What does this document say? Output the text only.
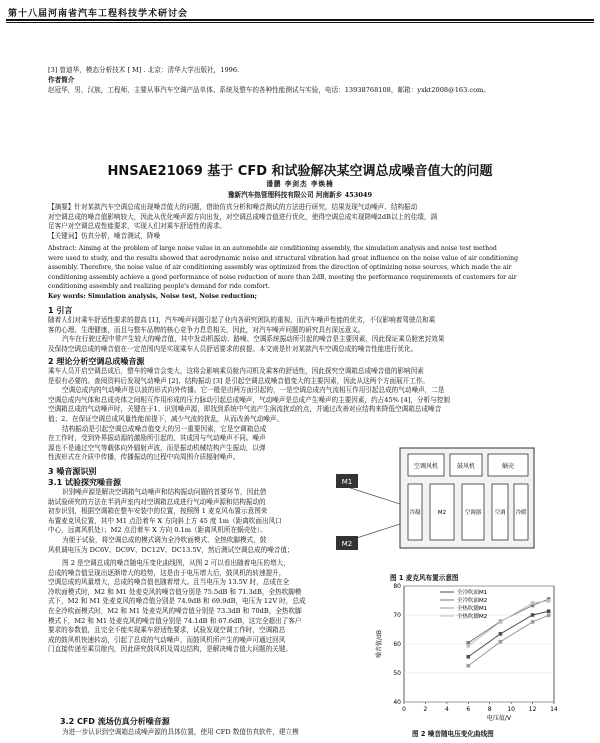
第十八届河南省汽车工程科技学术研讨会
[3] 曾迪华，模态分析技术 [ M] . 北京：清华大学出版社，1996.
作者简介
赵冠华，男，汉族，工程师，主要从事汽车空调产品单体、系统及整车的各种性能测试与实验，电话：13938768108，邮箱：yxkt2008@163.com。
HNSAE21069 基于 CFD 和试验解决某空调总成噪音值大的问题
潘鹏 李剑杰 李焕楠
豫新汽车热管理科技有限公司 河南新乡 453049
【摘要】针对某款汽车空调总成出现噪音值大的问题，借助仿真分析和噪音测试的方法进行研究，结果发现气动噪声、结构振动
对空调总成的噪音值影响较大，因此从优化噪声源方向出发，对空调总成噪音值进行优化，使得空调总成实现降噪2dB以上的佳绩，满
足客户对空调总成性能要求，实现人们对乘车舒适性的需求。
【关键词】仿真分析，噪音测试，降噪
Abstract: Aiming at the problem of large noise value in an automobile air conditioning assembly, the simulation analysis and noise test method
were used to study, and the results showed that aerodynamic noise and structural vibration had great influence on the noise value of air conditioning
assembly. Therefore, the noise value of air conditioning assembly was optimized from the direction of optimizing noise sources, which made the air
conditioning assembly achieve a good performance of noise reduction of more than 2dB, meeting the performance requirements of customers for air
conditioning assembly and realizing people's demand for ride comfort.
Key words: Simulation analysis, Noise test, Noise reduction;
1 引言
随着人们对乘车舒适性要求的提高 [1]，汽车噪声问题引起了业内各研究团队的重视，而汽车噪声性能的优劣，不仅影响着驾驶员和乘
客的心理、生理健康，而且与整车品牌的核心竞争力息息相关，因此，对汽车噪声问题的研究具有深远意义。
汽车在行驶过程中常产生较大的噪音值，其中发动机振动、路噪、空调系统振动所引起的噪音是主要因素，因此保证乘员舱密封效果
及保持空调总成的噪音值在一定范围内是实现乘车人员舒适要求的前提。本文则是针对某款汽车空调总成的噪音性能进行优化。
2 理论分析空调总成噪音源
乘车人员开启空调总成后，整车的噪音会变大，这将会影响乘员舱内司机及乘客的舒适性，因此探究空调箱总成噪音值的影响因素
是很有必要的。查阅资料后发现气动噪声 [2]、结构振动 [3] 是引起空调总成噪音值变大的主要因素，因此从这两个方面展开工作。
空调总成内的气动噪声是以波的形式向外传播。它一般是由两方面引起的，一是空调总成内气流相互作用引起总成的气动噪声，二是
空调总成内气体和总成壳体之间相互作用形成的压力脉动引起总成噪声，气动噪声是总成产生噪声的主要因素，约占45% [4]，分析与控制
空调箱总成的气动噪声时，关键在于1、识别噪声源，即找到系统中气流产生涡流扰动的点，并通过改善对应结构来降低空调箱总成噪音
值；2、在保证空调总成风量性能前提下，减少气流的扰乱，从而改善气动噪声。
结构振动是引起空调总成噪音值变大的另一重要因素，它是空调箱总成
在工作时，受到外界振动源的激励所引起的，其成因与气动噪声不同。噪声
源也不是通过空气等载体向外辐射声波，而是振动机械结构产生振动，以弹
性波形式在介质中传播，传播振动的过程中向周围介质辐射噪声。
3 噪音源识别
3.1 试验探究噪音源
识别噪声源是解决空调箱气动噪声和结构振动问题的首要环节，因此借
助试验研究的方法在半消声室内对空调箱总成进行气动噪声源和结构振动的
初步识别，根据空调箱在整车安装中的位置，按照图 1 麦克风布置示意图来
布置麦克风位置，其中 M1 点沿着车 X 方向斜上方 45 度 1m（距离吹面出风口
中心，远离风机处）；M2 点沿着车 X 方向 0.1m（距离风机所在蜗壳处）。
为便于试验，将空调总成的模式调为全冷吹面模式、全热吹脚模式，鼓
风机调电压为 DC6V、DC9V、DC12V、DC13.5V，然后测试空调总成的噪音值；
图 2 是空调总成的噪音随电压变化曲线图，从图 2 可以看出随着电压的增大，
总成的噪音值呈现出逐渐增大的趋势，这是由于电压增大后，鼓风机的转速提升，
空调总成的风量增大，总成的噪音值也随着增大。且当电压为 13.5V 时，总成在全
冷吹面模式时，M2 和 M1 处麦克风的噪音值分别是 75.5dB 和 71.3dB，全热吹脚模
式下，M2 和 M1 处麦克风的噪音值分别是 74.9dB 和 69.9dB，电压为 12V 时，总成
在全冷吹面模式时，M2 和 M1 处麦克风的噪音值分别是 73.3dB 和 70dB，全热吹脚
模式下，M2 和 M1 处麦克风的噪音值分别是 74.1dB 和 67.6dB，这完全超出了客户
要求的参数值，且完全不能实现乘车舒适性要求，试验发现空调工作时，空调箱总
成的鼓风机快速转动，引起了总成的气动噪声，而鼓风机所产生的噪声可通过回风
门直接传递至乘员舱内，因此研究鼓风机及周边结构，是解决噪音值大问题的关键。
3.2 CFD 流场仿真分析噪音源
为进一步认识到空调箱总成噪声源的具体位置，使用 CFD 数值仿真软件，建立模
空调风机	鼓风机	蜗壳
冷凝	M2	空调器 空调 冷暖
M1
M2
图 1 麦克风布置示意图
40
50
60
70
80
0	2	4	6	8	10 12 14
电压值/V
噪音值/dB
全冷吹面M1
全冷吹面M2
全热吹脚M1
全热吹脚M2
图 2 噪音随电压变化曲线图
